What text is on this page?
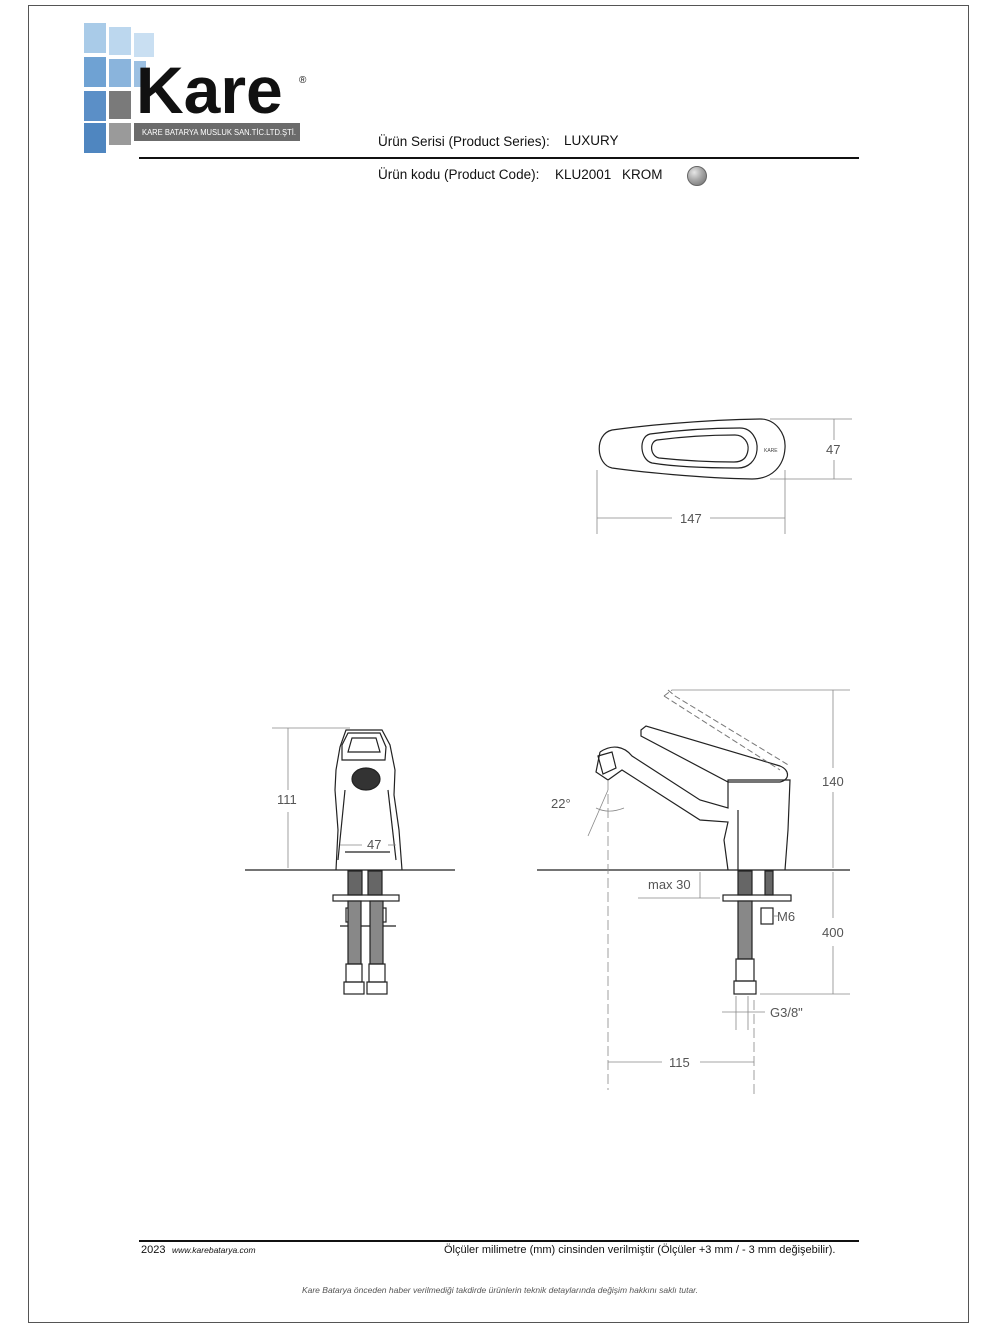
Kare ®
KARE BATARYA MUSLUK SAN.TİC.LTD.ŞTİ.
Ürün Serisi (Product Series): LUXURY
Ürün kodu (Product Code): KLU2001 KROM
KARE	47
147
111
47
22°
140
max 30
M6
400
G3/8"
115
2023 www.karebatarya.com	Ölçüler milimetre (mm) cinsinden verilmiştir (Ölçüler +3 mm / - 3 mm değişebilir).
Kare Batarya önceden haber verilmediği takdirde ürünlerin teknik detaylarında değişim hakkını saklı tutar.
